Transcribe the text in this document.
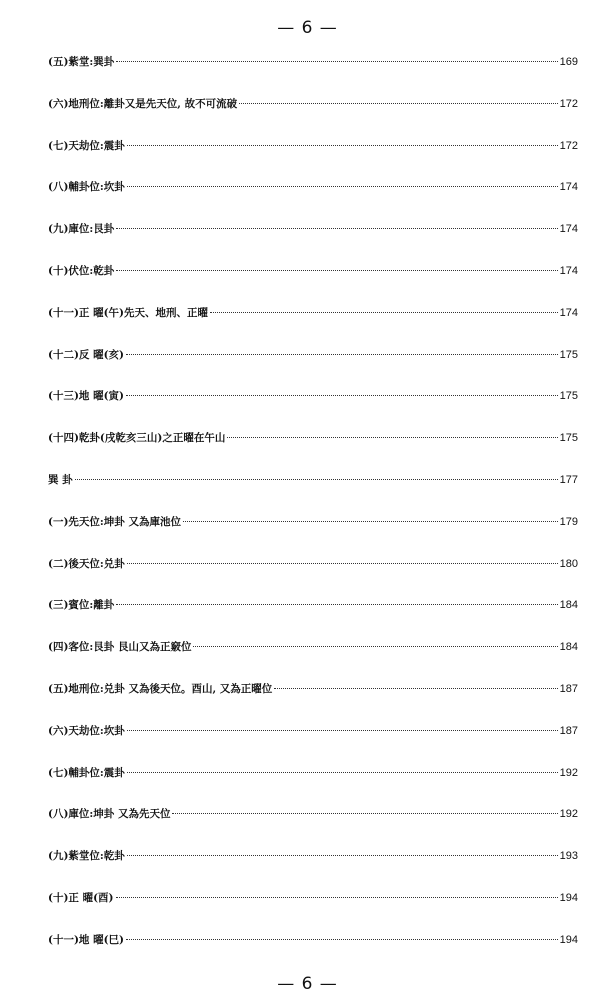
— 6 —
(五)紫堂:巽卦	169
(六)地刑位:離卦又是先天位, 故不可流破	172
(七)天劫位:震卦	172
(八)輔卦位:坎卦	174
(九)庫位:艮卦	174
(十)伏位:乾卦	174
(十一)正 曜(午)先天、地刑、正曜	174
(十二)反 曜(亥)	175
(十三)地 曜(寅)	175
(十四)乾卦(戌乾亥三山)之正曜在午山	175
巽 卦	177
(一)先天位:坤卦 又為庫池位	179
(二)後天位:兑卦	180
(三)賓位:離卦	184
(四)客位:艮卦 艮山又為正竅位	184
(五)地刑位:兑卦 又為後天位。酉山, 又為正曜位	187
(六)天劫位:坎卦	187
(七)輔卦位:震卦	192
(八)庫位:坤卦 又為先天位	192
(九)紫堂位:乾卦	193
(十)正 曜(酉)	194
(十一)地 曜(巳)	194
— 6 —
